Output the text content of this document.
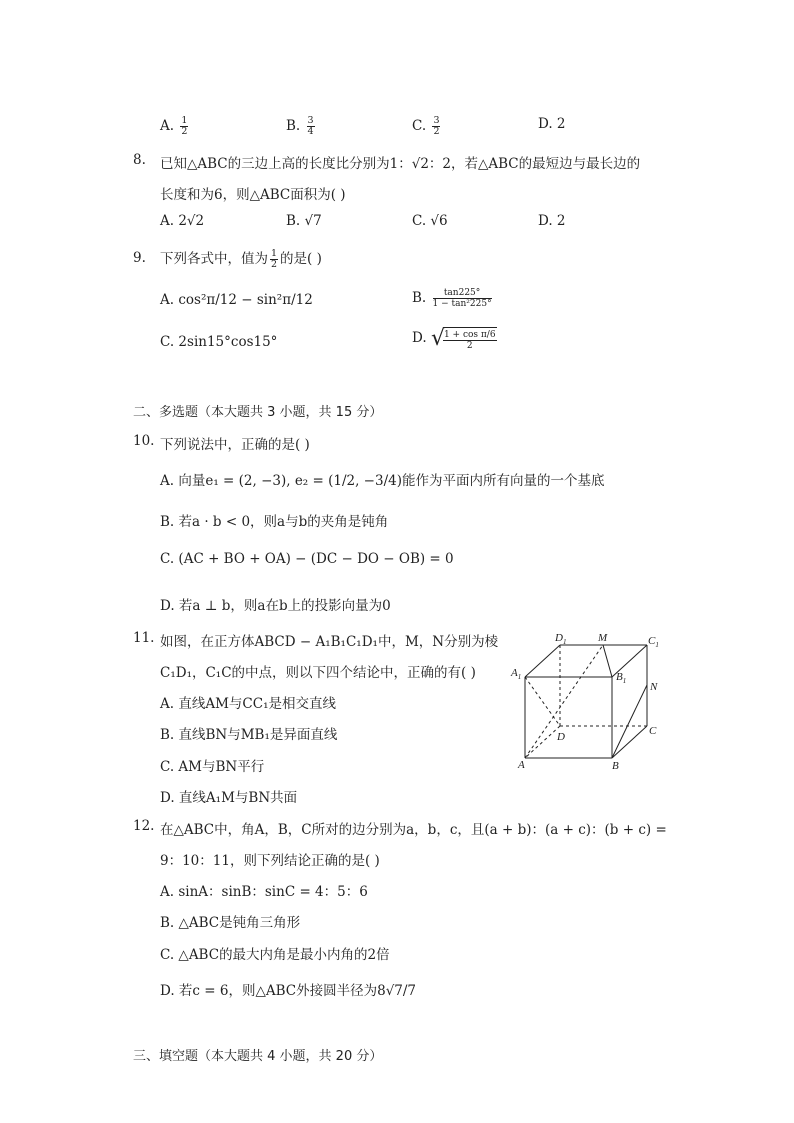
A. $\frac{1}{2}$	B. $\frac{3}{4}$	C. $\frac{3}{2}$	D. 2
8. 已知△ABC的三边上高的长度比分别为1：√2：2，若△ABC的最短边与最长边的
长度和为6，则△ABC面积为( )
A. 2√2	B. √7	C. √6	D. 2
9. 下列各式中，值为 $\frac{1}{2}$ 的是( )
A. cos²π/12 − sin²π/12	B. $\frac{\tan 225^\circ}{\text{1 − tan²225°}}$
C. 2sin15°cos15°	D. √
$\frac{\text{1 + cos π/6}}{2}$
二、多选题（本大题共 3 小题，共 15 分）
10. 下列说法中，正确的是( )
A. 向量e₁ = (2, −3), e₂ = (1/2, −3/4)能作为平面内所有向量的一个基底
B. 若a · b < 0，则a与b的夹角是钝角
C. (AC + BO + OA) − (DC − DO − OB) = 0
D. 若a ⊥ b，则a在b上的投影向量为0
11. 如图，在正方体ABCD − A₁B₁C₁D₁中，M，N分别为棱
C₁D₁，C₁C的中点，则以下四个结论中，正确的有( )
A. 直线AM与CC₁是相交直线
B. 直线BN与MB₁是异面直线
C. AM与BN平行
D. 直线A₁M与BN共面
$D_1$	M	$C_1$
$A_1$	$B_1$ N
D	C
A	B
12. 在△ABC中，角A，B，C所对的边分别为a，b，c，且(a + b)：(a + c)：(b + c) =
9：10：11，则下列结论正确的是( )
A. sinA：sinB：sinC = 4：5：6
B. △ABC是钝角三角形
C. △ABC的最大内角是最小内角的2倍
D. 若c = 6，则△ABC外接圆半径为8√7/7
三、填空题（本大题共 4 小题，共 20 分）
